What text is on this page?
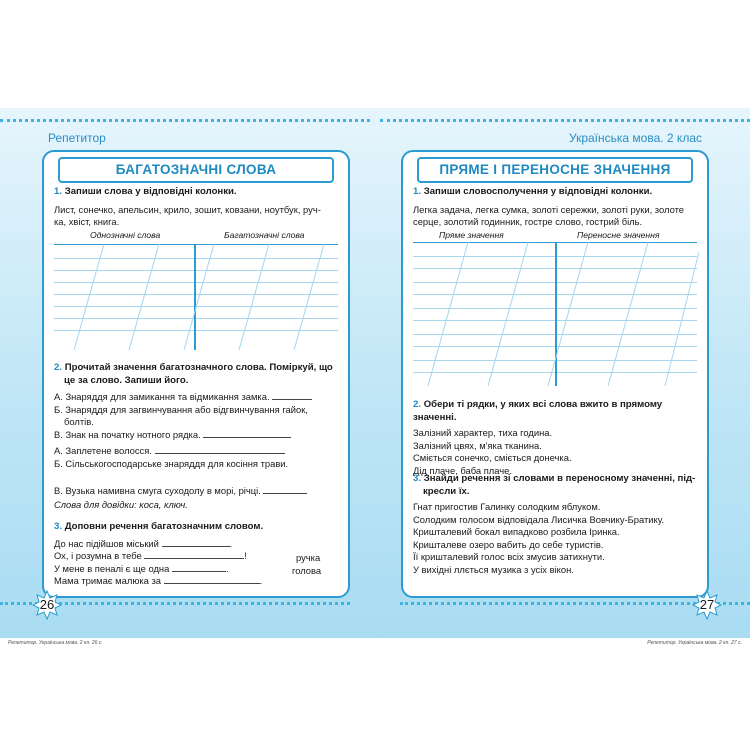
Репетитор	Українська мова. 2 клас
БАГАТОЗНАЧНІ СЛОВА
1. Запиши слова у відповідні колонки.
Лист, сонечко, апельсин, крило, зошит, ковзани, ноутбук, руч-
ка, хвіст, книга.
Однозначні слова	Багатозначні слова
2. Прочитай значення багатозначного слова. Поміркуй, що
це за слово. Запиши його.
А. Знаряддя для замикання та відмикання замка.
Б. Знаряддя для загвинчування або відгвинчування гайок,
болтів.
В. Знак на початку нотного рядка.
А. Заплетене волосся.
Б. Сільськогосподарське знаряддя для косіння трави.
В. Вузька намивна смуга суходолу в морі, річці.
Слова для довідки: коса, ключ.
3. Доповни речення багатозначним словом.
До нас підійшов міський	.
Ох, і розумна в тебе	!
У мене в пеналі є ще одна	.
Мама тримає малюка за	.
ручка
голова
ПРЯМЕ І ПЕРЕНОСНЕ ЗНАЧЕННЯ
1. Запиши словосполучення у відповідні колонки.
Легка задача, легка сумка, золоті сережки, золоті руки, золоте
серце, золотий годинник, гостре слово, гострий біль.
Пряме значення	Переносне значення
2. Обери ті рядки, у яких всі слова вжито в прямому значенні.
Залізний характер, тиха година.
Залізний цвях, м'яка тканина.
Сміється сонечко, сміється донечка.
Дід плаче, баба плаче.
3. Знайди речення зі словами в переносному значенні, під-
кресли їх.
Гнат пригостив Галинку солодким яблуком.
Солодким голосом відповідала Лисичка Вовчику-Братику.
Кришталевий бокал випадково розбила Іринка.
Кришталеве озеро вабить до себе туристів.
Її кришталевий голос всіх змусив затихнути.
У вихідні ллється музика з усіх вікон.
26	27
Репетитор. Українська мова. 2 кл. 26 с.	Репетитор. Українська мова. 2 кл. 27 с.
